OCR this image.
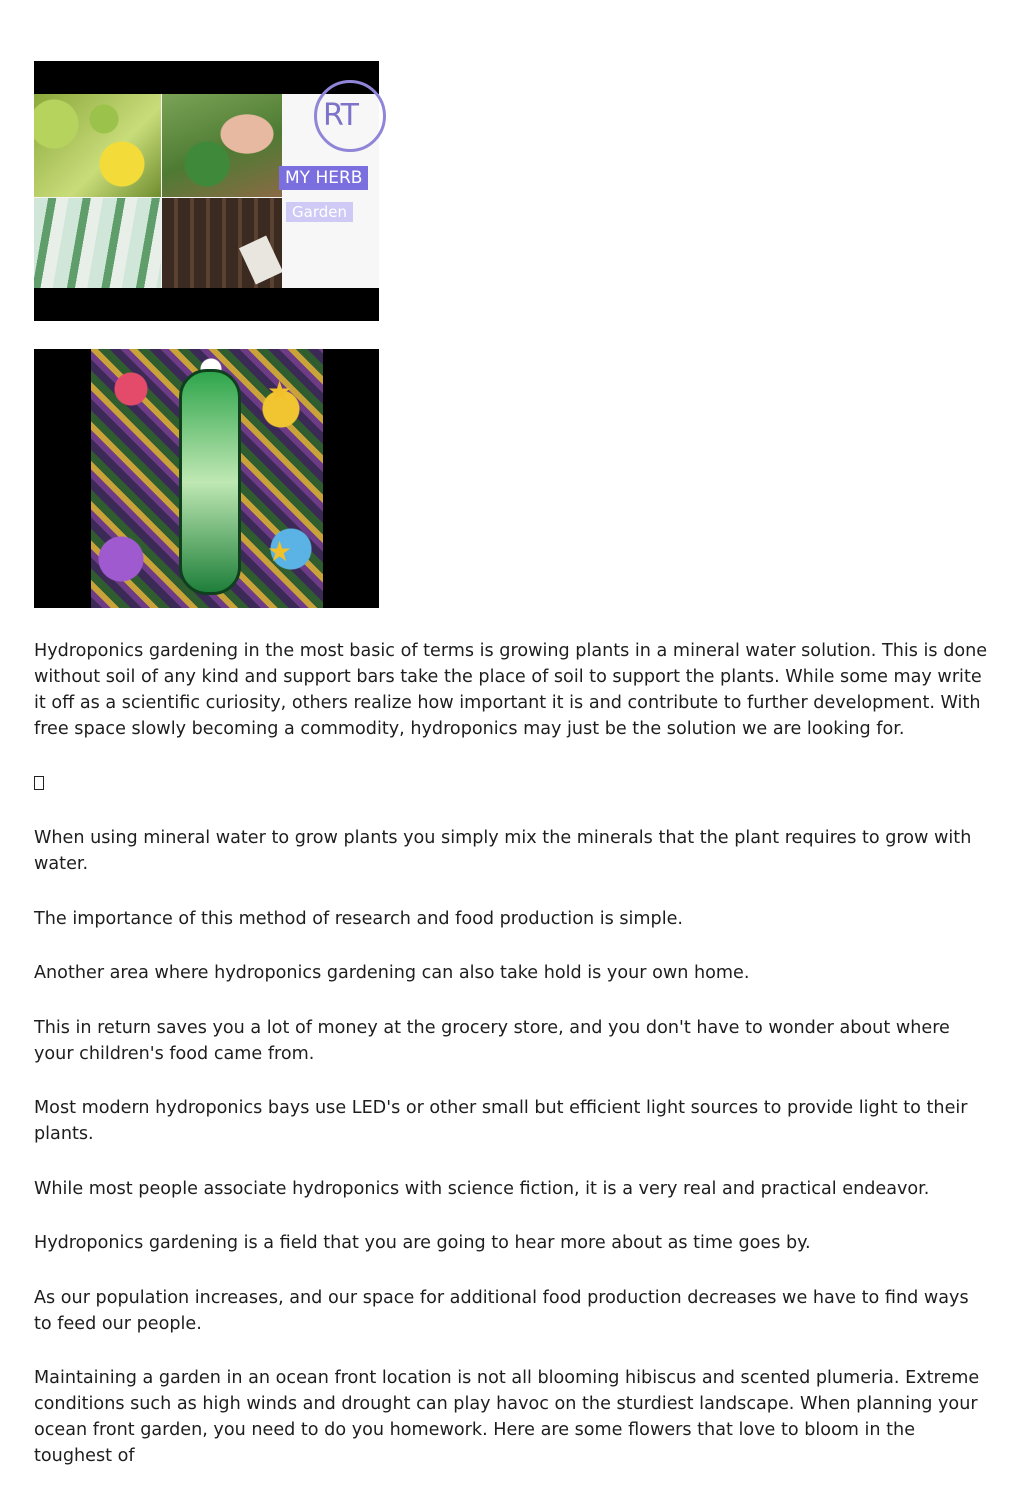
RT
MY HERB
Garden
★
★

Hydroponics gardening in the most basic of terms is growing plants in a mineral water solution. This is done without soil of any kind and support bars take the place of soil to support the plants. While some may write it off as a scientific curiosity, others realize how important it is and contribute to further development. With free space slowly becoming a commodity, hydroponics may just be the solution we are looking for.

When using mineral water to grow plants you simply mix the minerals that the plant requires to grow with water.

The importance of this method of research and food production is simple.

Another area where hydroponics gardening can also take hold is your own home.

This in return saves you a lot of money at the grocery store, and you don't have to wonder about where your children's food came from.

Most modern hydroponics bays use LED's or other small but efficient light sources to provide light to their plants.

While most people associate hydroponics with science fiction, it is a very real and practical endeavor.

Hydroponics gardening is a field that you are going to hear more about as time goes by.

As our population increases, and our space for additional food production decreases we have to find ways to feed our people.

Maintaining a garden in an ocean front location is not all blooming hibiscus and scented plumeria. Extreme conditions such as high winds and drought can play havoc on the sturdiest landscape. When planning your ocean front garden, you need to do you homework. Here are some flowers that love to bloom in the toughest of
